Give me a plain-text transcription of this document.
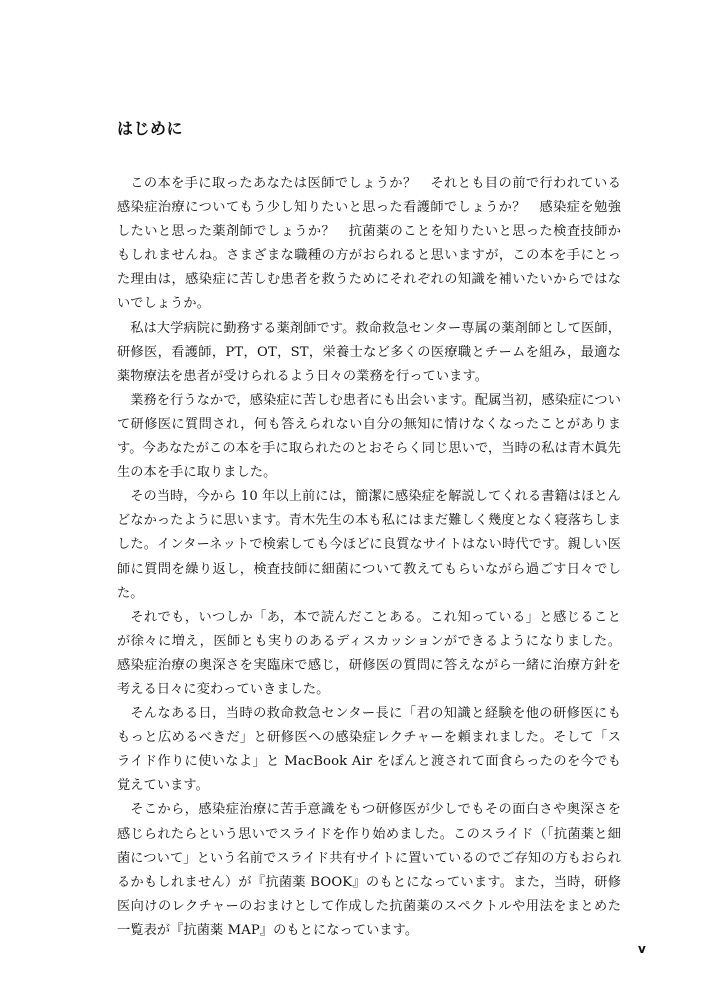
はじめに

この本を手に取ったあなたは医師でしょうか？　それとも目の前で行われている感染症治療についてもう少し知りたいと思った看護師でしょうか？　感染症を勉強したいと思った薬剤師でしょうか？　抗菌薬のことを知りたいと思った検査技師かもしれませんね。さまざまな職種の方がおられると思いますが，この本を手にとった理由は，感染症に苦しむ患者を救うためにそれぞれの知識を補いたいからではないでしょうか。

私は大学病院に勤務する薬剤師です。救命救急センター専属の薬剤師として医師，研修医，看護師，PT，OT，ST，栄養士など多くの医療職とチームを組み，最適な薬物療法を患者が受けられるよう日々の業務を行っています。

業務を行うなかで，感染症に苦しむ患者にも出会います。配属当初，感染症について研修医に質問され，何も答えられない自分の無知に情けなくなったことがあります。今あなたがこの本を手に取られたのとおそらく同じ思いで，当時の私は青木眞先生の本を手に取りました。

その当時，今から 10 年以上前には，簡潔に感染症を解説してくれる書籍はほとんどなかったように思います。青木先生の本も私にはまだ難しく幾度となく寝落ちしました。インターネットで検索しても今ほどに良質なサイトはない時代です。親しい医師に質問を繰り返し，検査技師に細菌について教えてもらいながら過ごす日々でした。

それでも，いつしか「あ，本で読んだことある。これ知っている」と感じることが徐々に増え，医師とも実りのあるディスカッションができるようになりました。感染症治療の奥深さを実臨床で感じ，研修医の質問に答えながら一緒に治療方針を考える日々に変わっていきました。

そんなある日，当時の救命救急センター長に「君の知識と経験を他の研修医にももっと広めるべきだ」と研修医への感染症レクチャーを頼まれました。そして「スライド作りに使いなよ」と MacBook Air をぽんと渡されて面食らったのを今でも覚えています。

そこから，感染症治療に苦手意識をもつ研修医が少しでもその面白さや奥深さを感じられたらという思いでスライドを作り始めました。このスライド（「抗菌薬と細菌について」という名前でスライド共有サイトに置いているのでご存知の方もおられるかもしれません）が『抗菌薬 BOOK』のもとになっています。また，当時，研修医向けのレクチャーのおまけとして作成した抗菌薬のスペクトルや用法をまとめた一覧表が『抗菌薬 MAP』のもとになっています。

v
